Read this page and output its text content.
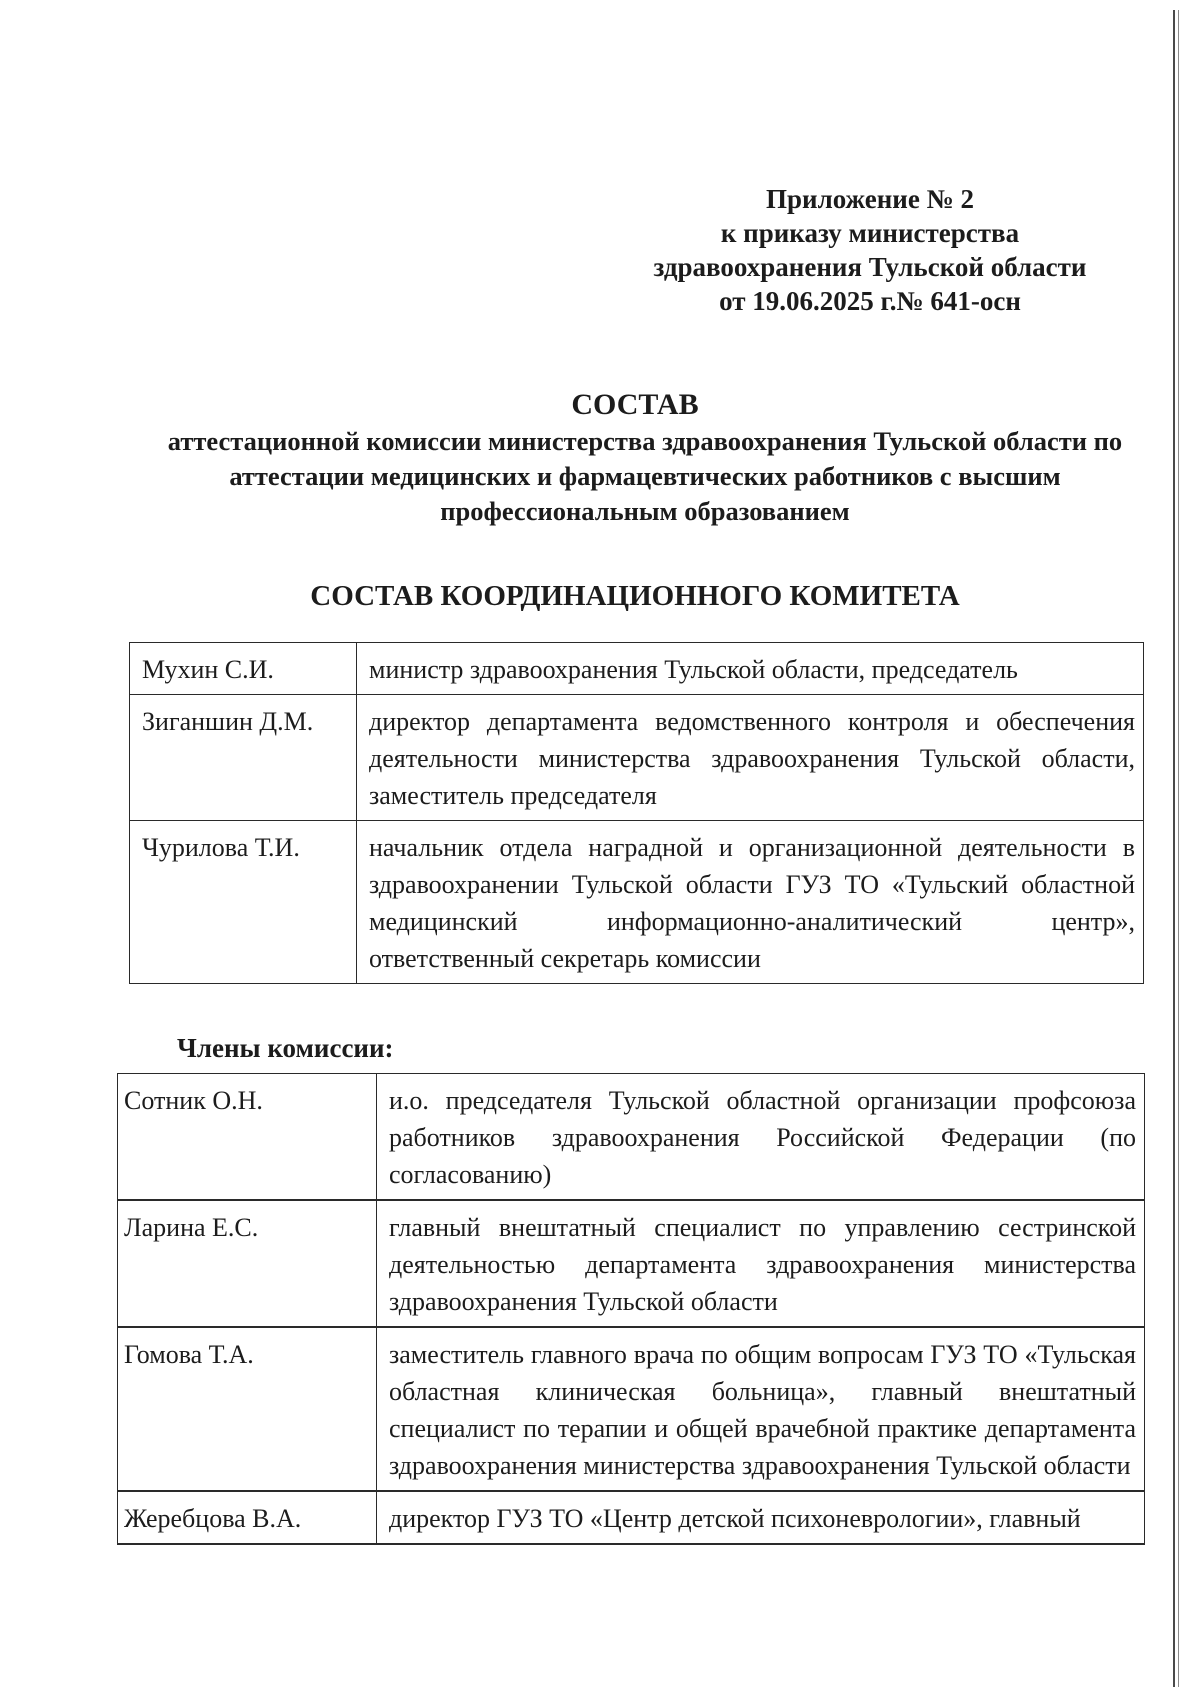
Приложение № 2
к приказу министерства
здравоохранения Тульской области
от 19.06.2025 г.№ 641-осн
СОСТАВ
аттестационной комиссии министерства здравоохранения Тульской области по
аттестации медицинских и фармацевтических работников с высшим
профессиональным образованием
СОСТАВ КООРДИНАЦИОННОГО КОМИТЕТА
Мухин С.И.	министр здравоохранения Тульской области, председатель
Зиганшин Д.М.	директор департамента ведомственного контроля и обеспечения деятельности министерства здравоохранения Тульской области, заместитель председателя
Чурилова Т.И.	начальник отдела наградной и организационной деятельности в здравоохранении Тульской области ГУЗ ТО «Тульский областной медицинский информационно-аналитический центр», ответственный секретарь комиссии
Члены комиссии:
Сотник О.Н.	и.о. председателя Тульской областной организации профсоюза работников здравоохранения Российской Федерации (по согласованию)
Ларина Е.С.	главный внештатный специалист по управлению сестринской деятельностью департамента здравоохранения министерства здравоохранения Тульской области
Гомова Т.А.	заместитель главного врача по общим вопросам ГУЗ ТО «Тульская областная клиническая больница», главный внештатный специалист по терапии и общей врачебной практике департамента здравоохранения министерства здравоохранения Тульской области
Жеребцова В.А.	директор ГУЗ ТО «Центр детской психоневрологии», главный
